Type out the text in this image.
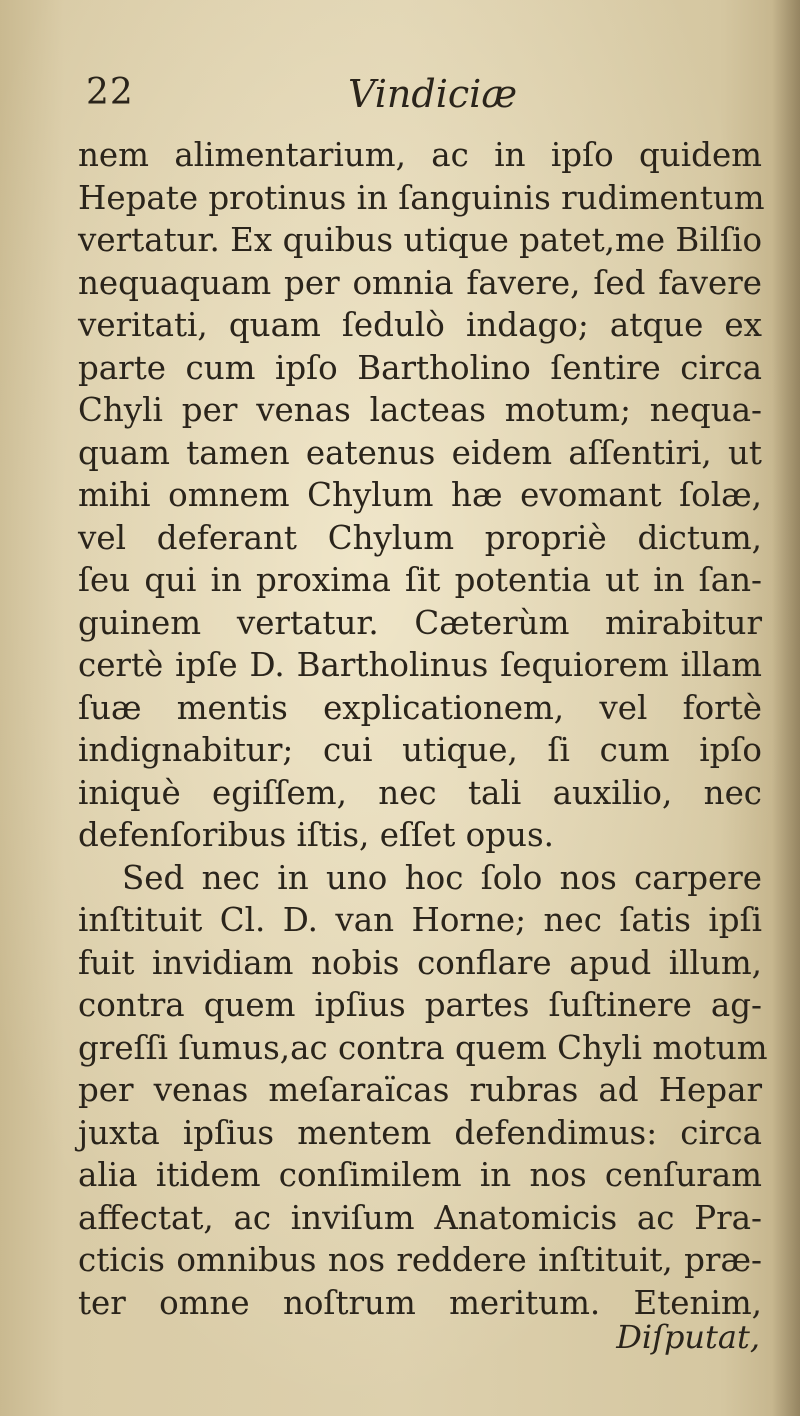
22	Vindiciæ
nem alimentarium, ac in ipſo quidem
Hepate protinus in ſanguinis rudimentum
vertatur. Ex quibus utique patet,me Bilſio
nequaquam per omnia favere, ſed favere
veritati, quam ſedulò indago; atque ex
parte cum ipſo Bartholino ſentire circa
Chyli per venas lacteas motum; nequa-
quam tamen eatenus eidem aſſentiri, ut
mihi omnem Chylum hæ evomant ſolæ,
vel deferant Chylum propriè dictum,
ſeu qui in proxima ſit potentia ut in ſan-
guinem vertatur. Cæterùm mirabitur
certè ipſe D. Bartholinus ſequiorem illam
ſuæ mentis explicationem, vel fortè
indignabitur; cui utique, ſi cum ipſo
iniquè egiſſem, nec tali auxilio, nec
defenſoribus iſtis, eſſet opus.
Sed nec in uno hoc ſolo nos carpere
inſtituit Cl. D. van Horne; nec ſatis ipſi
fuit invidiam nobis conflare apud illum,
contra quem ipſius partes ſuſtinere ag-
greſſi ſumus,ac contra quem Chyli motum
per venas meſaraïcas rubras ad Hepar
juxta ipſius mentem defendimus: circa
alia itidem conſimilem in nos cenſuram
affectat, ac inviſum Anatomicis ac Pra-
cticis omnibus nos reddere inſtituit, præ-
ter omne noſtrum meritum. Etenim,
Diſputat,
